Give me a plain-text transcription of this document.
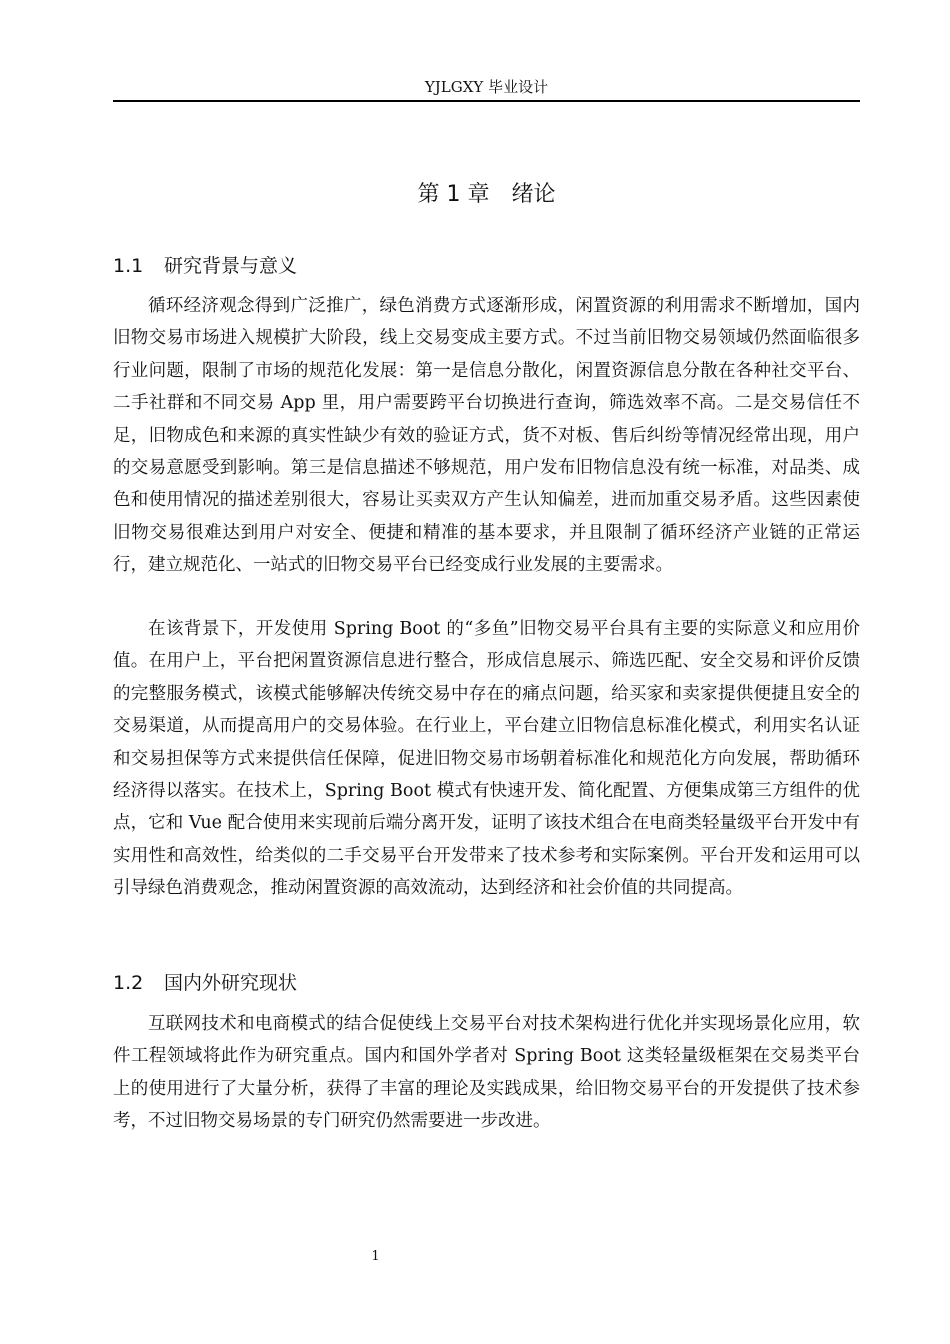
YJLGXY 毕业设计
第 1 章　绪论
1.1 研究背景与意义

循环经济观念得到广泛推广，绿色消费方式逐渐形成，闲置资源的利用需求不断增加，国内旧物交易市场进入规模扩大阶段，线上交易变成主要方式。不过当前旧物交易领域仍然面临很多行业问题，限制了市场的规范化发展：第一是信息分散化，闲置资源信息分散在各种社交平台、二手社群和不同交易 App 里，用户需要跨平台切换进行查询，筛选效率不高。二是交易信任不足，旧物成色和来源的真实性缺少有效的验证方式，货不对板、售后纠纷等情况经常出现，用户的交易意愿受到影响。第三是信息描述不够规范，用户发布旧物信息没有统一标准，对品类、成色和使用情况的描述差别很大，容易让买卖双方产生认知偏差，进而加重交易矛盾。这些因素使旧物交易很难达到用户对安全、便捷和精准的基本要求，并且限制了循环经济产业链的正常运行，建立规范化、一站式的旧物交易平台已经变成行业发展的主要需求。

在该背景下，开发使用 Spring Boot 的“多鱼”旧物交易平台具有主要的实际意义和应用价值。在用户上，平台把闲置资源信息进行整合，形成信息展示、筛选匹配、安全交易和评价反馈的完整服务模式，该模式能够解决传统交易中存在的痛点问题，给买家和卖家提供便捷且安全的交易渠道，从而提高用户的交易体验。在行业上，平台建立旧物信息标准化模式，利用实名认证和交易担保等方式来提供信任保障，促进旧物交易市场朝着标准化和规范化方向发展，帮助循环经济得以落实。在技术上，Spring Boot 模式有快速开发、简化配置、方便集成第三方组件的优点，它和 Vue 配合使用来实现前后端分离开发，证明了该技术组合在电商类轻量级平台开发中有实用性和高效性，给类似的二手交易平台开发带来了技术参考和实际案例。平台开发和运用可以引导绿色消费观念，推动闲置资源的高效流动，达到经济和社会价值的共同提高。

1.2 国内外研究现状

互联网技术和电商模式的结合促使线上交易平台对技术架构进行优化并实现场景化应用，软件工程领域将此作为研究重点。国内和国外学者对 Spring Boot 这类轻量级框架在交易类平台上的使用进行了大量分析，获得了丰富的理论及实践成果，给旧物交易平台的开发提供了技术参考，不过旧物交易场景的专门研究仍然需要进一步改进。

1
